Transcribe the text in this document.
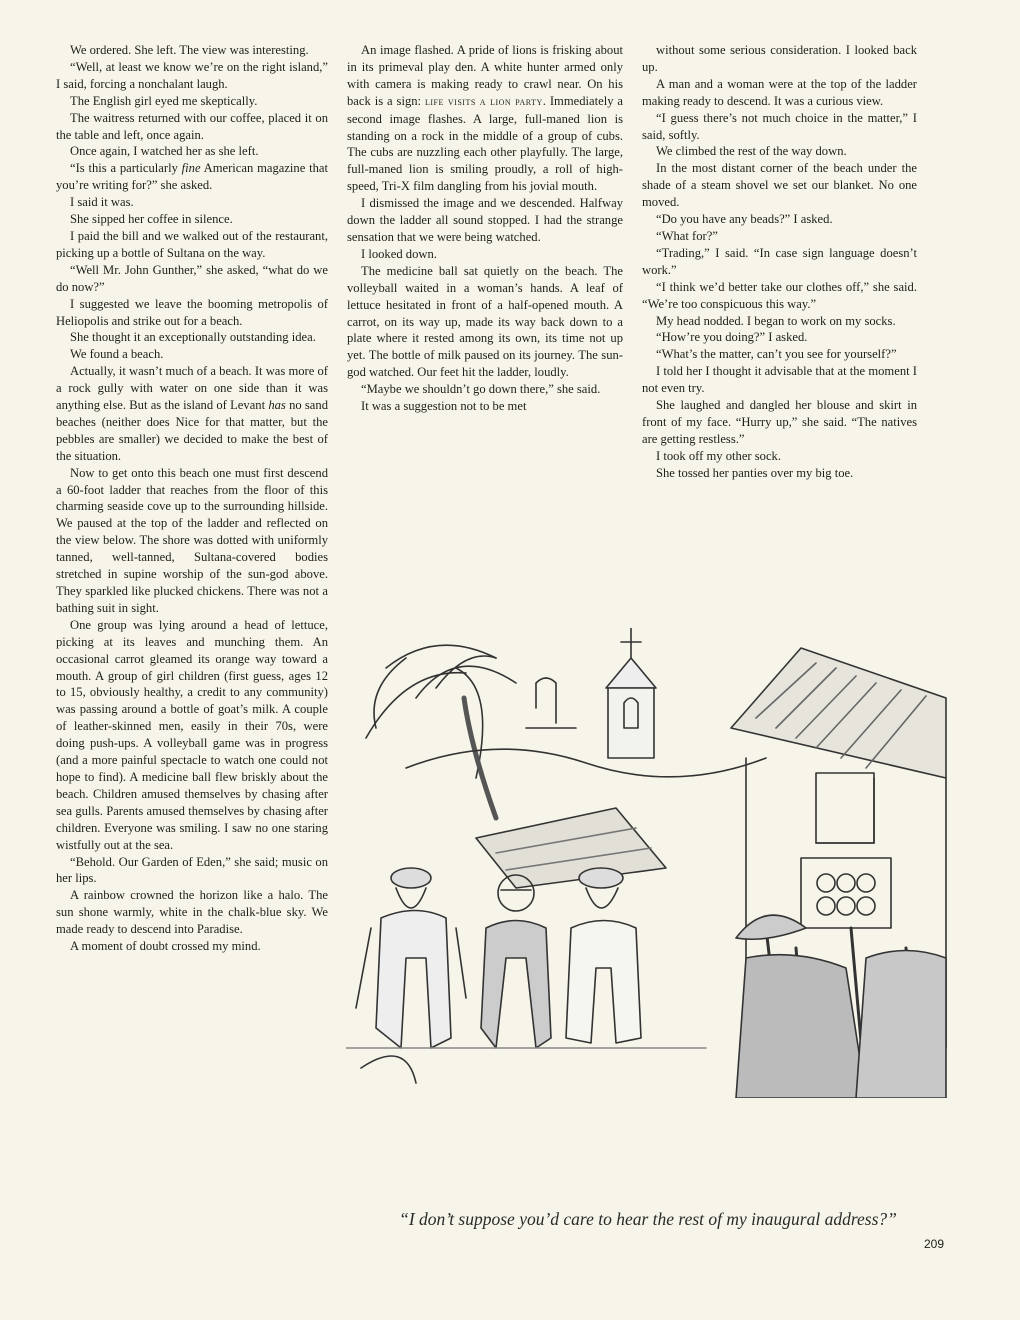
We ordered. She left. The view was interesting.

“Well, at least we know we’re on the right island,” I said, forcing a nonchalant laugh.

The English girl eyed me skeptically.

The waitress returned with our coffee, placed it on the table and left, once again.

Once again, I watched her as she left.

“Is this a particularly fine American magazine that you’re writing for?” she asked.

I said it was.

She sipped her coffee in silence.

I paid the bill and we walked out of the restaurant, picking up a bottle of Sultana on the way.

“Well Mr. John Gunther,” she asked, “what do we do now?”

I suggested we leave the booming metropolis of Heliopolis and strike out for a beach.

She thought it an exceptionally outstanding idea.

We found a beach.

Actually, it wasn’t much of a beach. It was more of a rock gully with water on one side than it was anything else. But as the island of Levant has no sand beaches (neither does Nice for that matter, but the pebbles are smaller) we decided to make the best of the situation.

Now to get onto this beach one must first descend a 60-foot ladder that reaches from the floor of this charming seaside cove up to the surrounding hillside. We paused at the top of the ladder and reflected on the view below. The shore was dotted with uniformly tanned, well-tanned, Sultana-covered bodies stretched in supine worship of the sun-god above. They sparkled like plucked chickens. There was not a bathing suit in sight.

One group was lying around a head of lettuce, picking at its leaves and munching them. An occasional carrot gleamed its orange way toward a mouth. A group of girl children (first guess, ages 12 to 15, obviously healthy, a credit to any community) was passing around a bottle of goat’s milk. A couple of leather-skinned men, easily in their 70s, were doing push-ups. A volleyball game was in progress (and a more painful spectacle to watch one could not hope to find). A medicine ball flew briskly about the beach. Children amused themselves by chasing after sea gulls. Parents amused themselves by chasing after children. Everyone was smiling. I saw no one staring wistfully out at the sea.

“Behold. Our Garden of Eden,” she said; music on her lips.

A rainbow crowned the horizon like a halo. The sun shone warmly, white in the chalk-blue sky. We made ready to descend into Paradise.

A moment of doubt crossed my mind.

An image flashed. A pride of lions is frisking about in its primeval play den. A white hunter armed only with camera is making ready to crawl near. On his back is a sign: life visits a lion party. Immediately a second image flashes. A large, full-maned lion is standing on a rock in the middle of a group of cubs. The cubs are nuzzling each other playfully. The large, full-maned lion is smiling proudly, a roll of high-speed, Tri-X film dangling from his jovial mouth.

I dismissed the image and we descended. Halfway down the ladder all sound stopped. I had the strange sensation that we were being watched.

I looked down.

The medicine ball sat quietly on the beach. The volleyball waited in a woman’s hands. A leaf of lettuce hesitated in front of a half-opened mouth. A carrot, on its way up, made its way back down to a plate where it rested among its own, its time not up yet. The bottle of milk paused on its journey. The sun-god watched. Our feet hit the ladder, loudly.

“Maybe we shouldn’t go down there,” she said.

It was a suggestion not to be met

without some serious consideration. I looked back up.

A man and a woman were at the top of the ladder making ready to descend. It was a curious view.

“I guess there’s not much choice in the matter,” I said, softly.

We climbed the rest of the way down.

In the most distant corner of the beach under the shade of a steam shovel we set our blanket. No one moved.

“Do you have any beads?” I asked.

“What for?”

“Trading,” I said. “In case sign language doesn’t work.”

“I think we’d better take our clothes off,” she said. “We’re too conspicuous this way.”

My head nodded. I began to work on my socks.

“How’re you doing?” I asked.

“What’s the matter, can’t you see for yourself?”

I told her I thought it advisable that at the moment I not even try.

She laughed and dangled her blouse and skirt in front of my face. “Hurry up,” she said. “The natives are getting restless.”

I took off my other sock.

She tossed her panties over my big toe.

“I don’t suppose you’d care to hear the rest of my inaugural address?”
209
